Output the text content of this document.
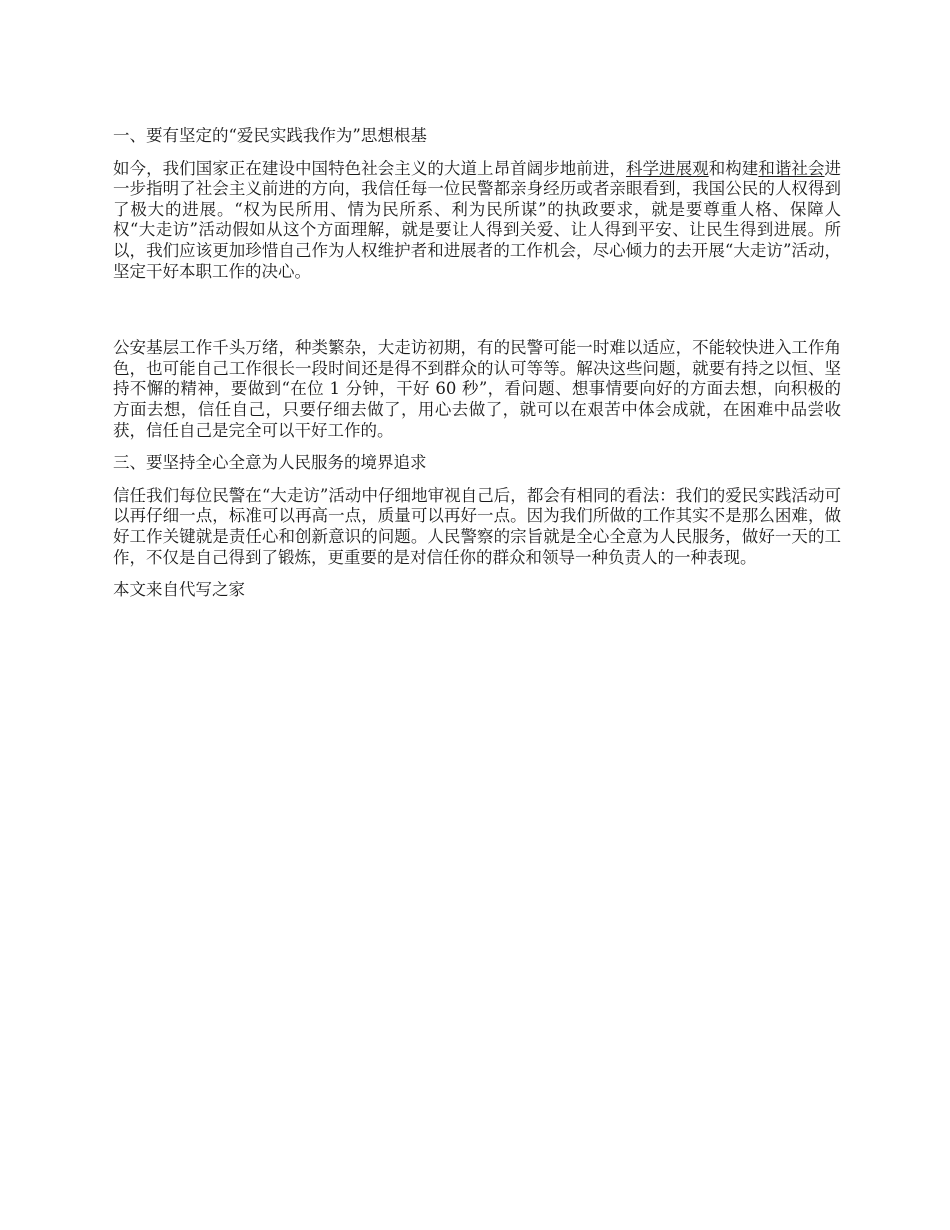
一、要有坚定的“爱民实践我作为”思想根基

如今，我们国家正在建设中国特色社会主义的大道上昂首阔步地前进，科学进展观和构建和谐社会进一步指明了社会主义前进的方向，我信任每一位民警都亲身经历或者亲眼看到，我国公民的人权得到了极大的进展。“权为民所用、情为民所系、利为民所谋”的执政要求，就是要尊重人格、保障人权“大走访”活动假如从这个方面理解，就是要让人得到关爱、让人得到平安、让民生得到进展。所以，我们应该更加珍惜自己作为人权维护者和进展者的工作机会，尽心倾力的去开展“大走访”活动，坚定干好本职工作的决心。

公安基层工作千头万绪，种类繁杂，大走访初期，有的民警可能一时难以适应，不能较快进入工作角色，也可能自己工作很长一段时间还是得不到群众的认可等等。解决这些问题，就要有持之以恒、坚持不懈的精神，要做到“在位 1 分钟，干好 60 秒”，看问题、想事情要向好的方面去想，向积极的方面去想，信任自己，只要仔细去做了，用心去做了，就可以在艰苦中体会成就，在困难中品尝收获，信任自己是完全可以干好工作的。

三、要坚持全心全意为人民服务的境界追求

信任我们每位民警在“大走访”活动中仔细地审视自己后，都会有相同的看法：我们的爱民实践活动可以再仔细一点，标准可以再高一点，质量可以再好一点。因为我们所做的工作其实不是那么困难，做好工作关键就是责任心和创新意识的问题。人民警察的宗旨就是全心全意为人民服务，做好一天的工作，不仅是自己得到了锻炼，更重要的是对信任你的群众和领导一种负责人的一种表现。

本文来自代写之家
